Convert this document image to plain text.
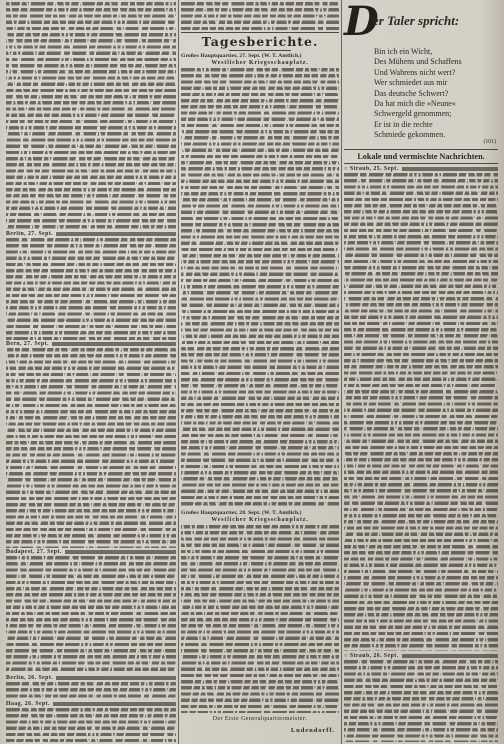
Berlin, 27. Sept.
Bern, 27. Sept.
Budapest, 27. Sept.
Berlin, 26. Sept.
Haag, 26. Sept.
Tagesberichte.
Großes Hauptquartier, 27. Sept. (W. T. Amtlich.)
Westlicher Kriegsschauplatz.
Großes Hauptquartier, 28. Sept. (W. T. Amtlich.)
Westlicher Kriegsschauplatz.
Der Erste Generalquartiermeister:
Ludendorff.
D
er Taler spricht:
Bin ich ein Wicht,
Des Mühens und Schaffens
Und Wahrens nicht wert?
Wer schmiedet aus mir
Das deutsche Schwert?
Da hat mich die »Neune«
Schwergeld genommen;
Er ist in die rechte
Schmiede gekommen.
(101)
Lokale und vermischte Nachrichten.
○ Straub, 25. Sept.
○ Straub, 26. Sept.
